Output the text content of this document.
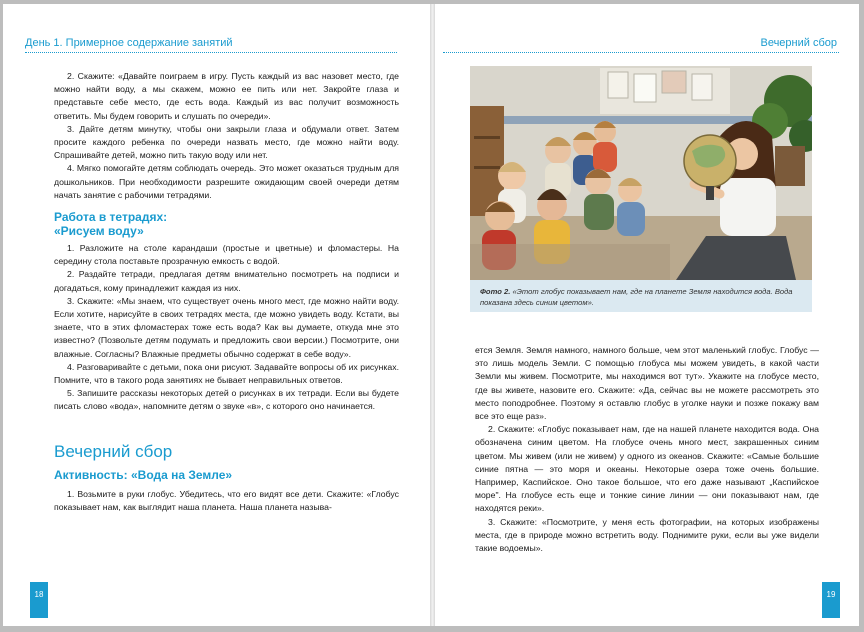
День 1. Примерное содержание занятий

2. Скажите: «Давайте поиграем в игру. Пусть каждый из вас назовет место, где можно найти воду, а мы скажем, можно ее пить или нет. Закройте глаза и представьте себе место, где есть вода. Каждый из вас получит возможность ответить. Мы будем говорить и слушать по очереди».

3. Дайте детям минутку, чтобы они закрыли глаза и обдумали ответ. Затем просите каждого ребенка по очереди назвать место, где можно найти воду. Спрашивайте детей, можно пить такую воду или нет.

4. Мягко помогайте детям соблюдать очередь. Это может оказаться трудным для дошкольников. При необходимости разрешите ожидающим своей очереди детям начать занятие с рабочими тетрадями.

Работа в тетрадях:
«Рисуем воду»

1. Разложите на столе карандаши (простые и цветные) и фломастеры. На середину стола поставьте прозрачную емкость с водой.

2. Раздайте тетради, предлагая детям внимательно посмотреть на подписи и догадаться, кому принадлежит каждая из них.

3. Скажите: «Мы знаем, что существует очень много мест, где можно найти воду. Если хотите, нарисуйте в своих тетрадях места, где можно увидеть воду. Кстати, вы знаете, что в этих фломастерах тоже есть вода? Как вы думаете, откуда мне это известно? (Позвольте детям подумать и предложить свои версии.) Посмотрите, они влажные. Согласны? Влажные предметы обычно содержат в себе воду».

4. Разговаривайте с детьми, пока они рисуют. Задавайте вопросы об их рисунках. Помните, что в такого рода занятиях не бывает неправильных ответов.

5. Запишите рассказы некоторых детей о рисунках в их тетради. Если вы будете писать слово «вода», напомните детям о звуке «в», с которого оно начинается.

Вечерний сбор
Активность: «Вода на Земле»

1. Возьмите в руки глобус. Убедитесь, что его видят все дети. Скажите: «Глобус показывает нам, как выглядит наша планета. Наша планета называ-

18
Вечерний сбор
Фото 2. «Этот глобус показывает нам, где на планете Земля находится вода. Вода показана здесь синим цветом».

ется Земля. Земля намного, намного больше, чем этот маленький глобус. Глобус — это лишь модель Земли. С помощью глобуса мы можем увидеть, в какой части Земли мы живем. Посмотрите, мы находимся вот тут». Укажите на глобусе место, где вы живете, назовите его. Скажите: «Да, сейчас вы не можете рассмотреть это место поподробнее. Поэтому я оставлю глобус в уголке науки и позже покажу вам все это еще раз».

2. Скажите: «Глобус показывает нам, где на нашей планете находится вода. Она обозначена синим цветом. На глобусе очень много мест, закрашенных синим цветом. Мы живем (или не живем) у одного из океанов. Скажите: «Самые большие синие пятна — это моря и океаны. Некоторые озера тоже очень большие. Например, Каспийское. Оно такое большое, что его даже называют „Каспийское море". На глобусе есть еще и тонкие синие линии — они показывают нам, где находятся реки».

3. Скажите: «Посмотрите, у меня есть фотографии, на которых изображены места, где в природе можно встретить воду. Поднимите руки, если вы уже видели такие водоемы».

19
